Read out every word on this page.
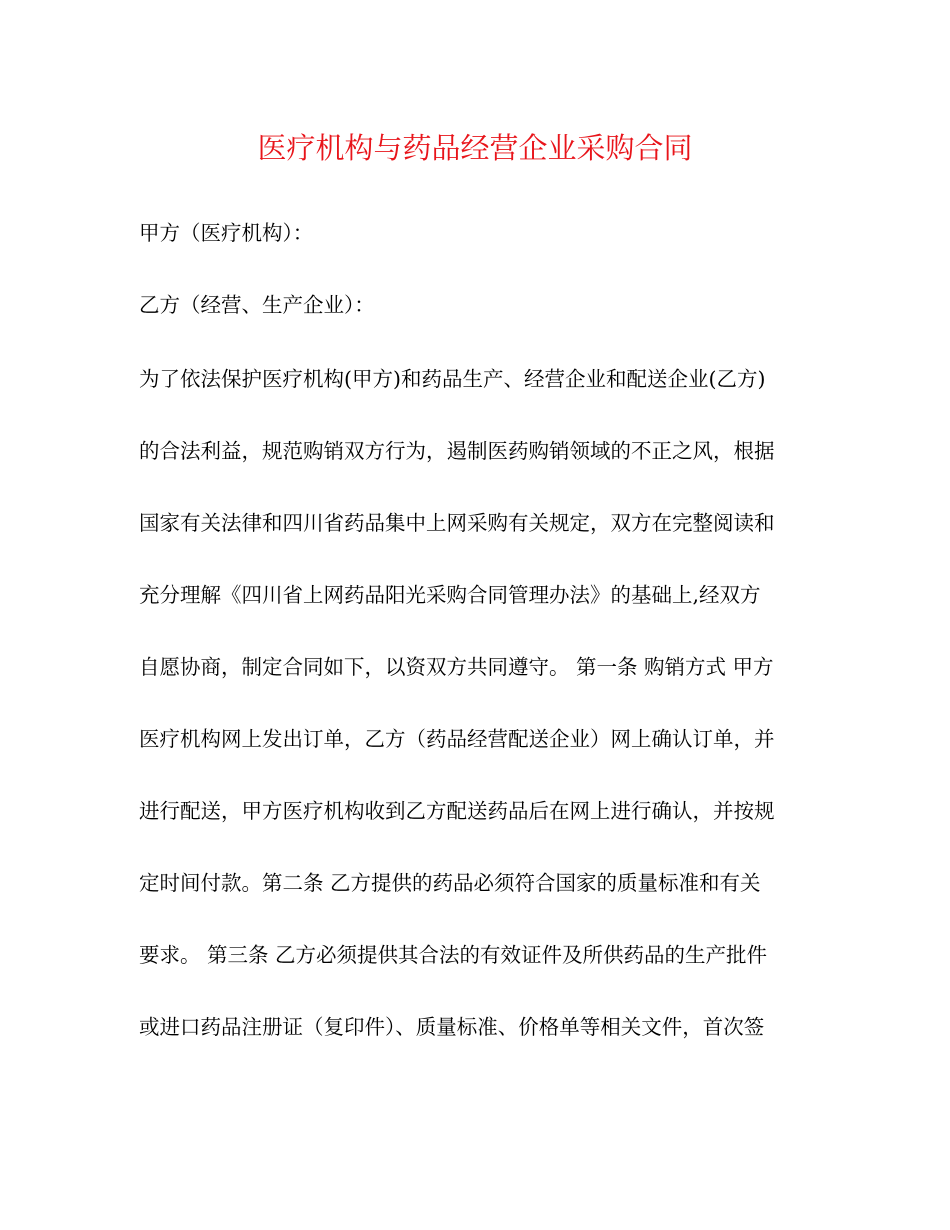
医疗机构与药品经营企业采购合同
甲方（医疗机构）：
乙方（经营、生产企业）：
为了依法保护医疗机构(甲方)和药品生产、经营企业和配送企业(乙方)
的合法利益，规范购销双方行为，遏制医药购销领域的不正之风，根据
国家有关法律和四川省药品集中上网采购有关规定，双方在完整阅读和
充分理解《四川省上网药品阳光采购合同管理办法》的基础上,经双方
自愿协商，制定合同如下，以资双方共同遵守。 第一条 购销方式 甲方
医疗机构网上发出订单，乙方（药品经营配送企业）网上确认订单，并
进行配送，甲方医疗机构收到乙方配送药品后在网上进行确认，并按规
定时间付款。第二条 乙方提供的药品必须符合国家的质量标准和有关
要求。 第三条 乙方必须提供其合法的有效证件及所供药品的生产批件
或进口药品注册证（复印件）、质量标准、价格单等相关文件，首次签
